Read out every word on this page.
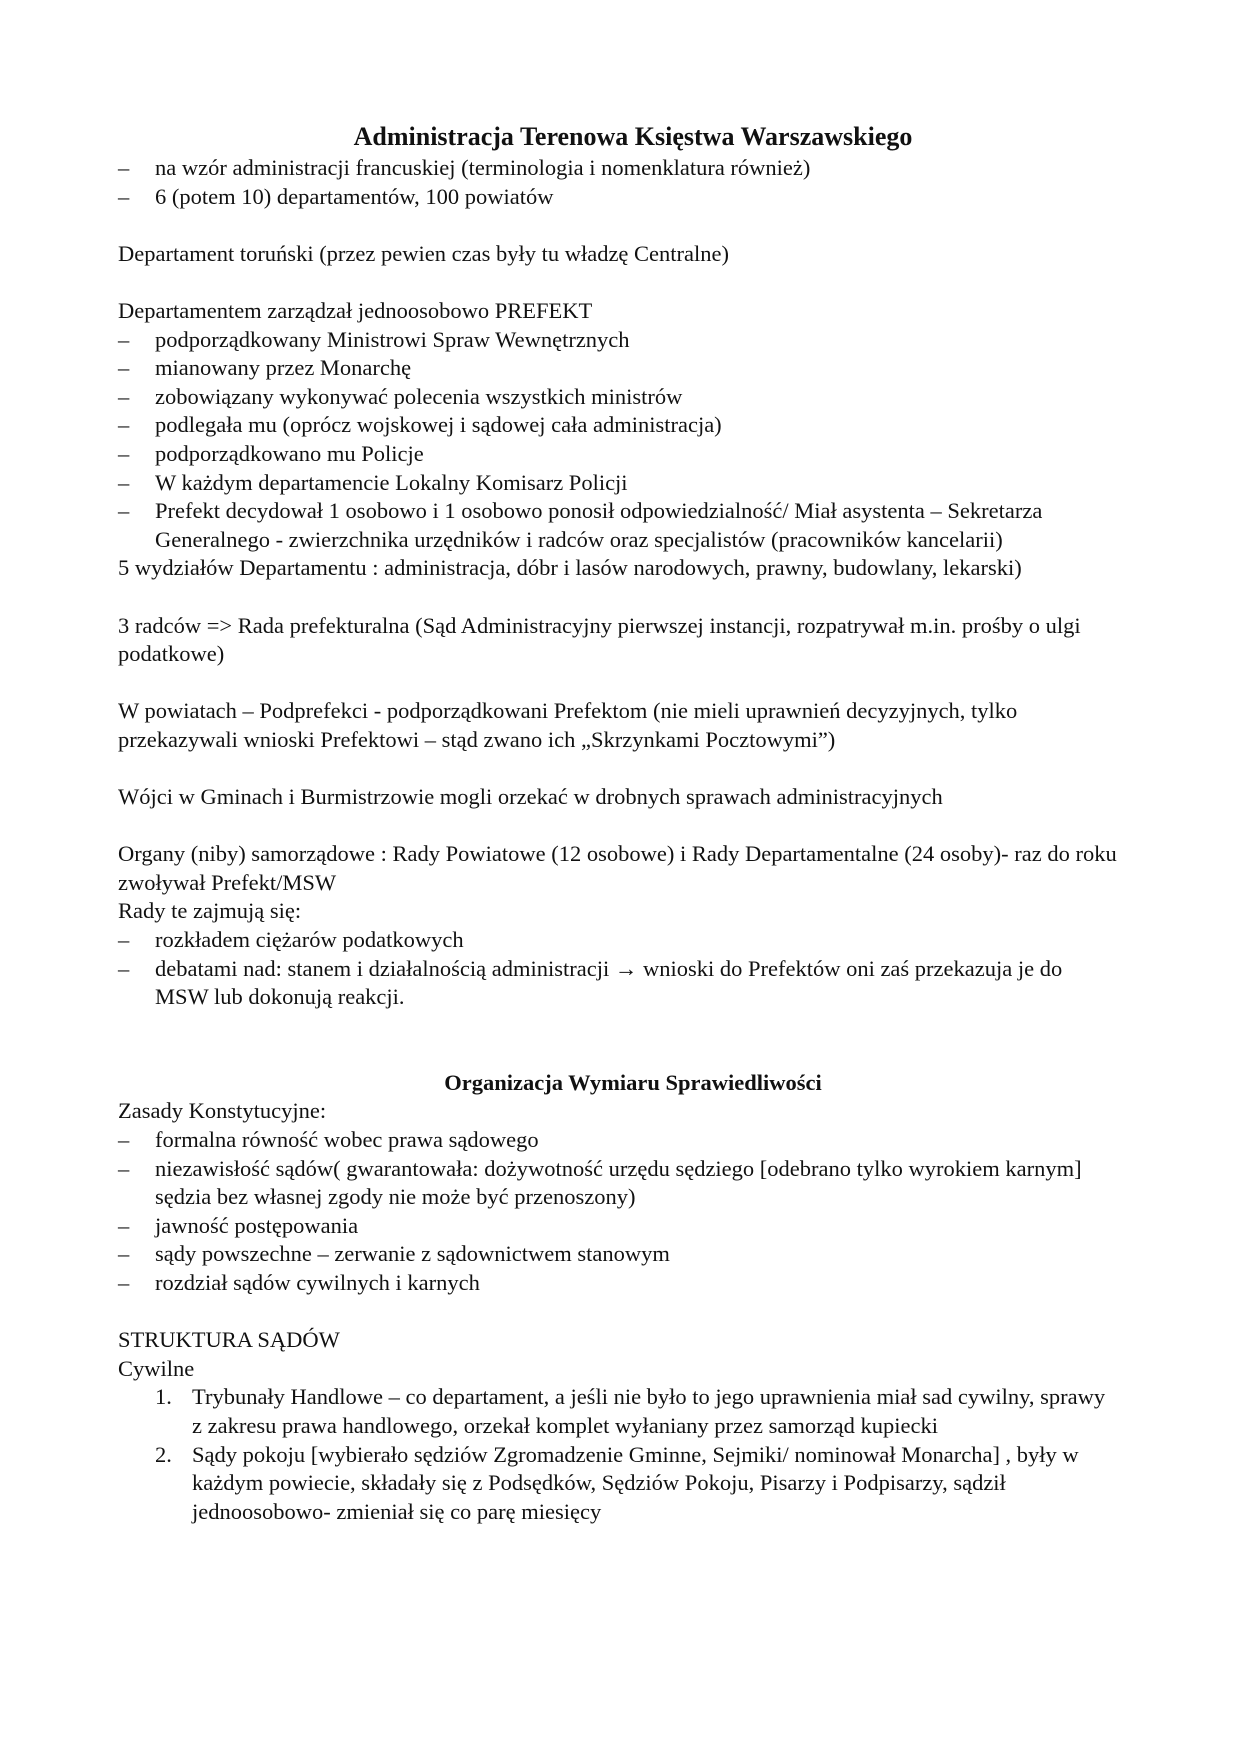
Administracja Terenowa Księstwa Warszawskiego
– na wzór administracji francuskiej (terminologia i nomenklatura również)
– 6 (potem 10) departamentów, 100 powiatów

Departament toruński (przez pewien czas były tu władzę Centralne)

Departamentem zarządzał jednoosobowo PREFEKT

– podporządkowany Ministrowi Spraw Wewnętrznych
– mianowany przez Monarchę
– zobowiązany wykonywać polecenia wszystkich ministrów
– podlegała mu (oprócz wojskowej i sądowej cała administracja)
– podporządkowano mu Policje
– W każdym departamencie Lokalny Komisarz Policji
– Prefekt decydował 1 osobowo i 1 osobowo ponosił odpowiedzialność/ Miał asystenta – Sekretarza Generalnego - zwierzchnika urzędników i radców oraz specjalistów (pracowników kancelarii)

5 wydziałów Departamentu : administracja, dóbr i lasów narodowych, prawny, budowlany, lekarski)

3 radców => Rada prefekturalna (Sąd Administracyjny pierwszej instancji, rozpatrywał m.in. prośby o ulgi podatkowe)

W powiatach – Podprefekci - podporządkowani Prefektom (nie mieli uprawnień decyzyjnych, tylko przekazywali wnioski Prefektowi – stąd zwano ich „Skrzynkami Pocztowymi”)

Wójci w Gminach i Burmistrzowie mogli orzekać w drobnych sprawach administracyjnych

Organy (niby) samorządowe : Rady Powiatowe (12 osobowe) i Rady Departamentalne (24 osoby)- raz do roku zwoływał Prefekt/MSW

Rady te zajmują się:

– rozkładem ciężarów podatkowych
– debatami nad: stanem i działalnością administracji → wnioski do Prefektów oni zaś przekazuja je do MSW lub dokonują reakcji.
Organizacja Wymiaru Sprawiedliwości

Zasady Konstytucyjne:

– formalna równość wobec prawa sądowego
– niezawisłość sądów( gwarantowała: dożywotność urzędu sędziego [odebrano tylko wyrokiem karnym] sędzia bez własnej zgody nie może być przenoszony)
– jawność postępowania
– sądy powszechne – zerwanie z sądownictwem stanowym
– rozdział sądów cywilnych i karnych

STRUKTURA SĄDÓW

Cywilne

1. Trybunały Handlowe – co departament, a jeśli nie było to jego uprawnienia miał sad cywilny, sprawy z zakresu prawa handlowego, orzekał komplet wyłaniany przez samorząd kupiecki
2. Sądy pokoju [wybierało sędziów Zgromadzenie Gminne, Sejmiki/ nominował Monarcha] , były w każdym powiecie, składały się z Podsędków, Sędziów Pokoju, Pisarzy i Podpisarzy, sądził jednoosobowo- zmieniał się co parę miesięcy
